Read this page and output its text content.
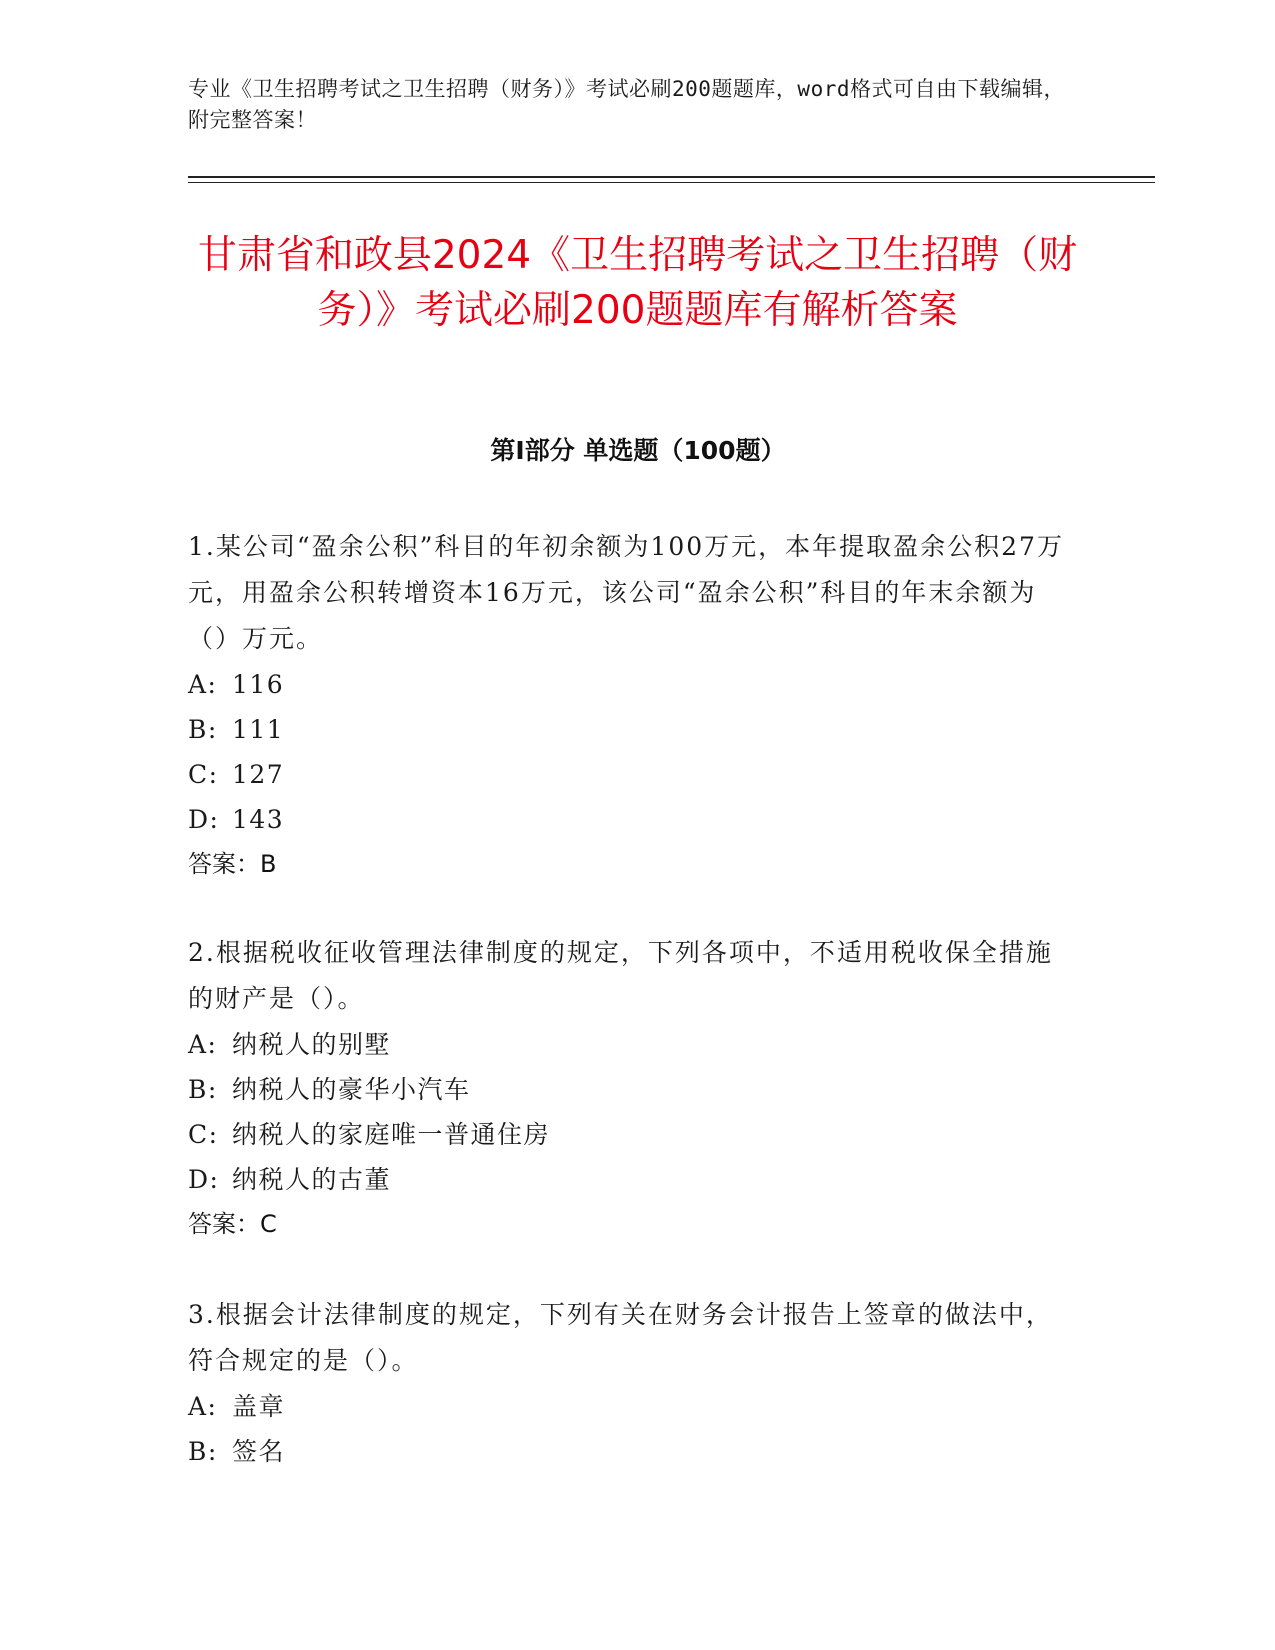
专业《卫生招聘考试之卫生招聘（财务）》考试必刷200题题库，word格式可自由下载编辑，附完整答案！
甘肃省和政县2024《卫生招聘考试之卫生招聘（财务）》考试必刷200题题库有解析答案
第Ⅰ部分 单选题（100题）

1.某公司“盈余公积”科目的年初余额为100万元，本年提取盈余公积27万元，用盈余公积转增资本16万元，该公司“盈余公积”科目的年末余额为（）万元。

A: 116

B: 111

C: 127

D: 143

答案：B

2.根据税收征收管理法律制度的规定，下列各项中，不适用税收保全措施的财产是（）。

A: 纳税人的别墅

B: 纳税人的豪华小汽车

C: 纳税人的家庭唯一普通住房

D: 纳税人的古董

答案：C

3.根据会计法律制度的规定，下列有关在财务会计报告上签章的做法中，符合规定的是（）。

A: 盖章

B: 签名
